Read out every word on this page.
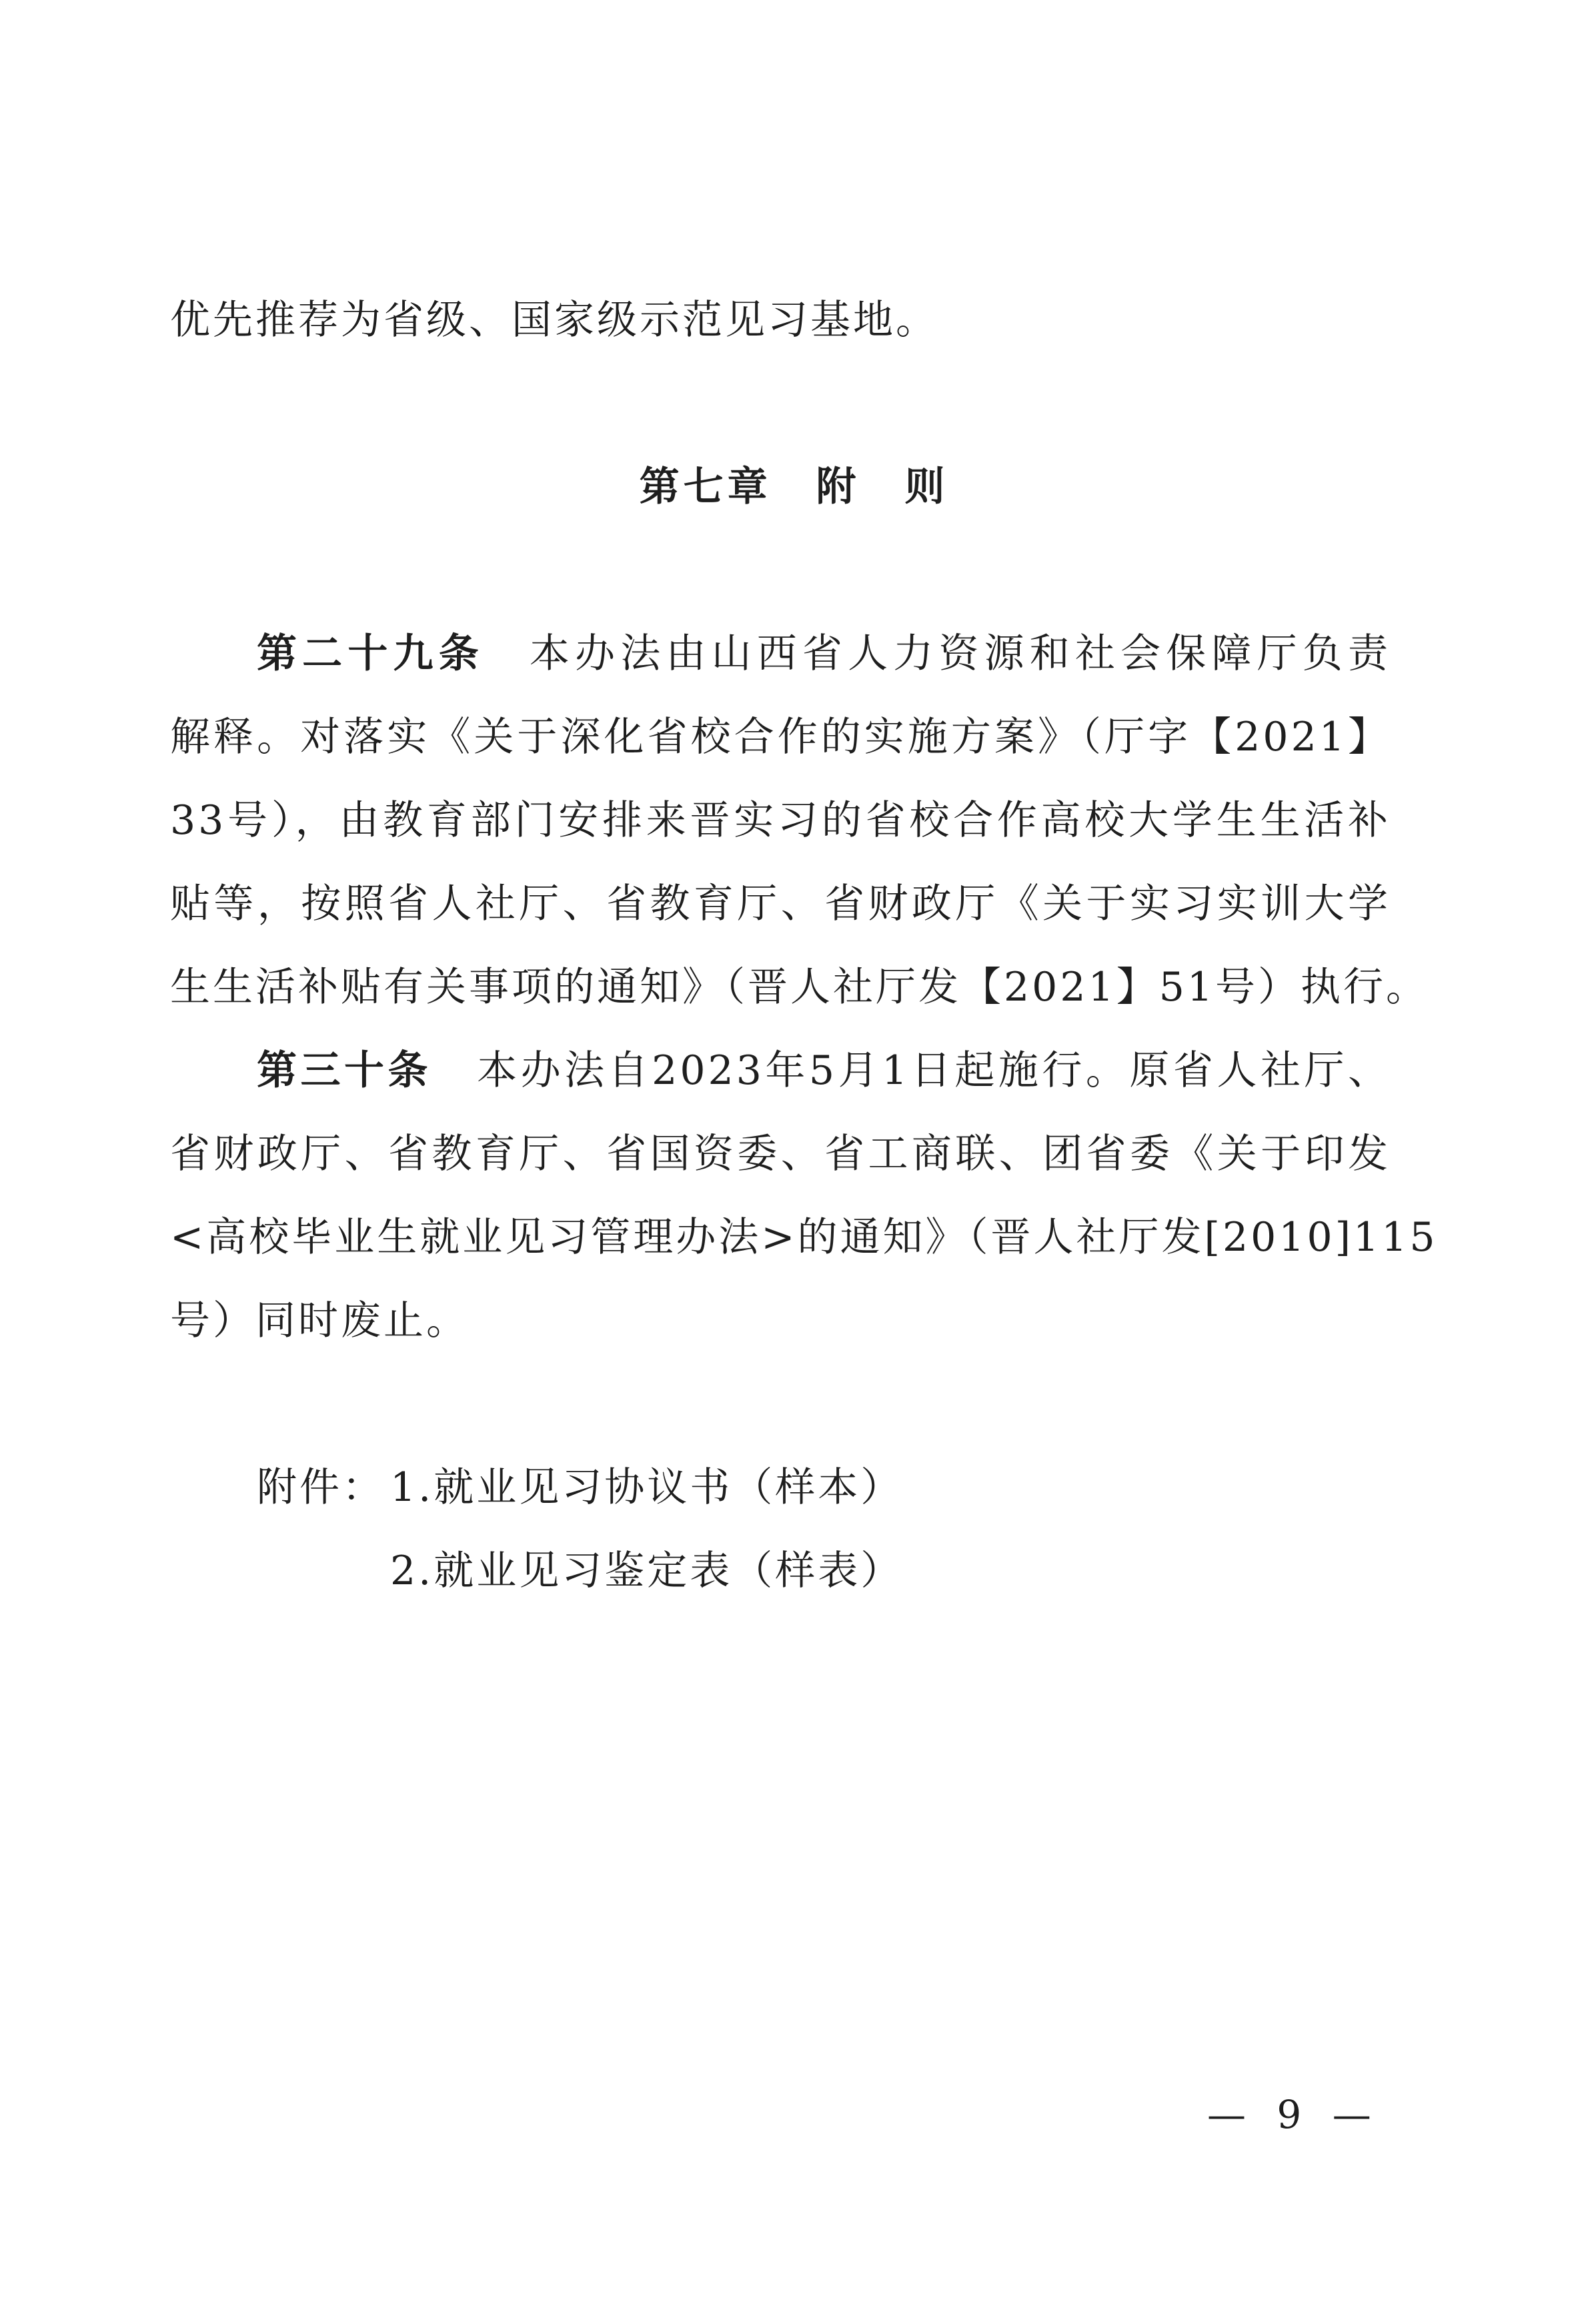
优先推荐为省级、国家级示范见习基地。
第七章 附 则
第二十九条 本办法由山西省人力资源和社会保障厅负责
解释。对落实《关于深化省校合作的实施方案》（厅字【2021】
33号），由教育部门安排来晋实习的省校合作高校大学生生活补
贴等，按照省人社厅、省教育厅、省财政厅《关于实习实训大学
生生活补贴有关事项的通知》（晋人社厅发【2021】51号）执行。
第三十条 本办法自2023年5月1日起施行。原省人社厅、
省财政厅、省教育厅、省国资委、省工商联、团省委《关于印发
<高校毕业生就业见习管理办法>的通知》（晋人社厅发[2010]115
号）同时废止。
附件： 1.就业见习协议书（样本）
2.就业见习鉴定表（样表）
— 9 —
